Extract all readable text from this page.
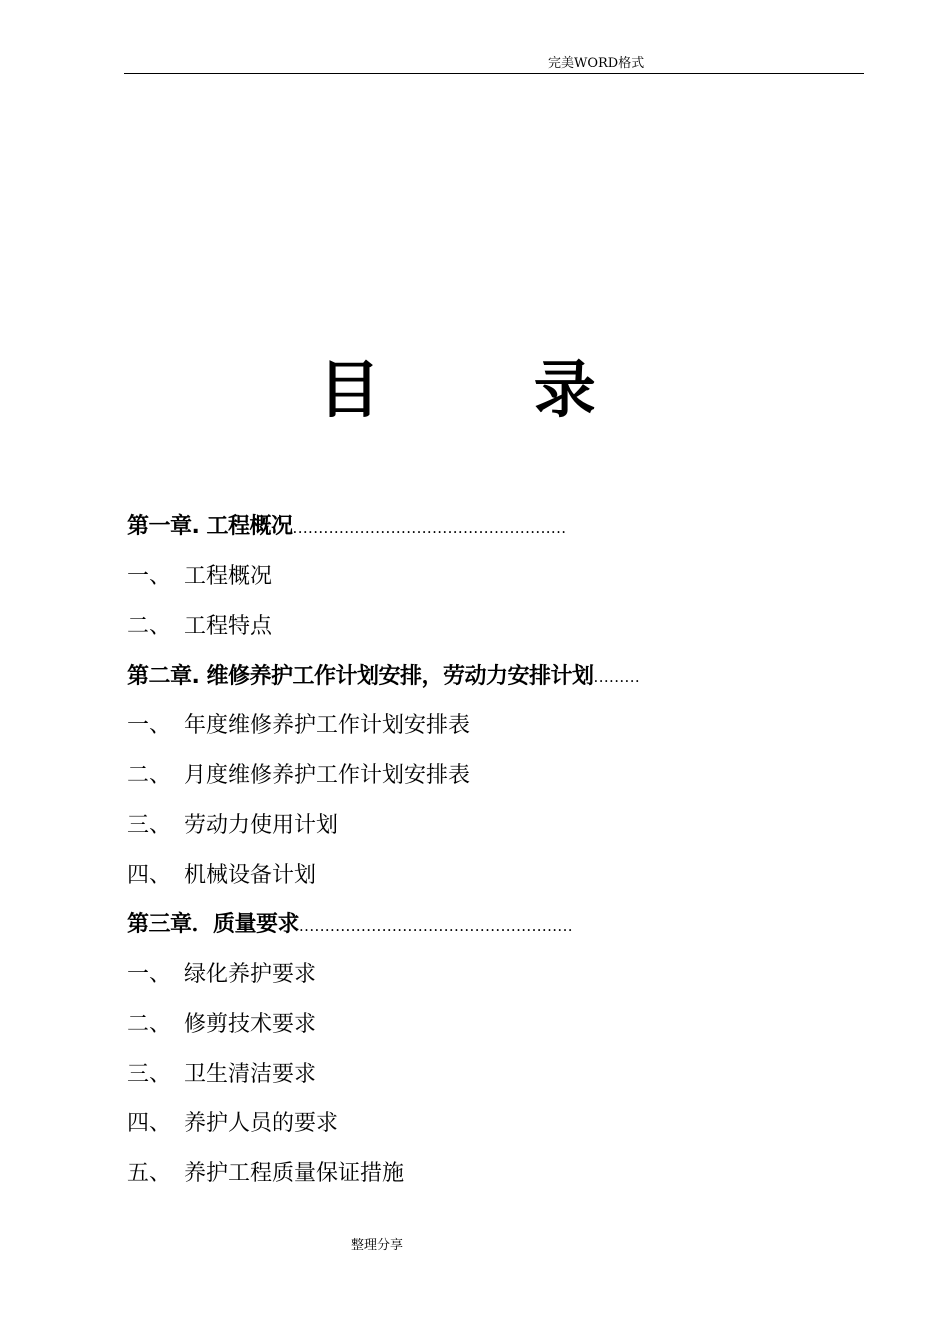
完美WORD格式
目 录
第一章. 工程概况 .....................................................
一、 工程概况
二、 工程特点
第二章. 维修养护工作计划安排，劳动力安排计划 .........
一、 年度维修养护工作计划安排表
二、 月度维修养护工作计划安排表
三、 劳动力使用计划
四、 机械设备计划
第三章．质量要求 .....................................................
一、 绿化养护要求
二、 修剪技术要求
三、 卫生清洁要求
四、 养护人员的要求
五、 养护工程质量保证措施
整理分享
